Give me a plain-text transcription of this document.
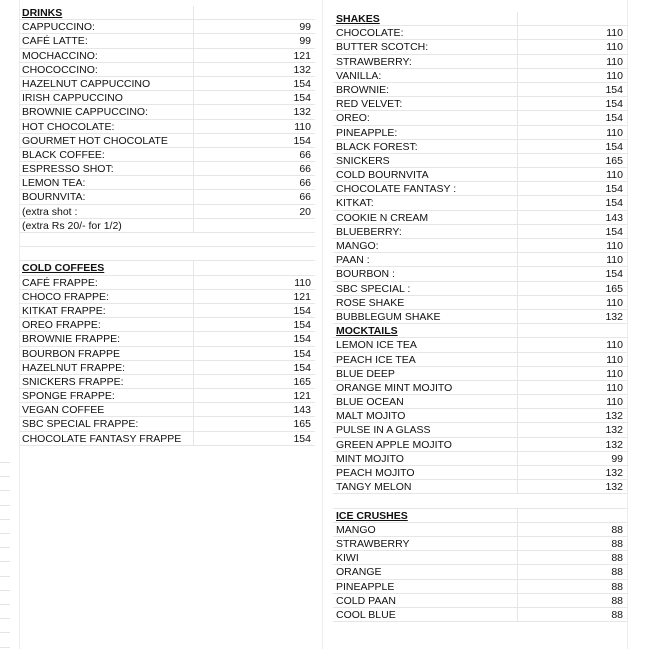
DRINKS
CAPPUCCINO:	99
CAFÉ LATTE:	99
MOCHACCINO:	121
CHOCOCCINO:	132
HAZELNUT CAPPUCCINO	154
IRISH CAPPUCCINO	154
BROWNIE CAPPUCCINO:	132
HOT CHOCOLATE:	110
GOURMET HOT CHOCOLATE	154
BLACK COFFEE:	66
ESPRESSO SHOT:	66
LEMON TEA:	66
BOURNVITA:	66
(extra shot :	20
(extra Rs 20/- for 1/2)
COLD COFFEES
CAFÉ FRAPPE:	110
CHOCO FRAPPE:	121
KITKAT FRAPPE:	154
OREO FRAPPE:	154
BROWNIE FRAPPE:	154
BOURBON FRAPPE	154
HAZELNUT FRAPPE:	154
SNICKERS FRAPPE:	165
SPONGE FRAPPE:	121
VEGAN COFFEE	143
SBC SPECIAL FRAPPE:	165
CHOCOLATE FANTASY FRAPPE	154
SHAKES
CHOCOLATE:	110
BUTTER SCOTCH:	110
STRAWBERRY:	110
VANILLA:	110
BROWNIE:	154
RED VELVET:	154
OREO:	154
PINEAPPLE:	110
BLACK FOREST:	154
SNICKERS	165
COLD BOURNVITA	110
CHOCOLATE FANTASY :	154
KITKAT:	154
COOKIE N CREAM	143
BLUEBERRY:	154
MANGO:	110
PAAN :	110
BOURBON :	154
SBC SPECIAL :	165
ROSE SHAKE	110
BUBBLEGUM SHAKE	132
MOCKTAILS
LEMON ICE TEA	110
PEACH ICE TEA	110
BLUE DEEP	110
ORANGE MINT MOJITO	110
BLUE OCEAN	110
MALT MOJITO	132
PULSE IN A GLASS	132
GREEN APPLE MOJITO	132
MINT MOJITO	99
PEACH MOJITO	132
TANGY MELON	132
ICE CRUSHES
MANGO	88
STRAWBERRY	88
KIWI	88
ORANGE	88
PINEAPPLE	88
COLD PAAN	88
COOL BLUE	88
